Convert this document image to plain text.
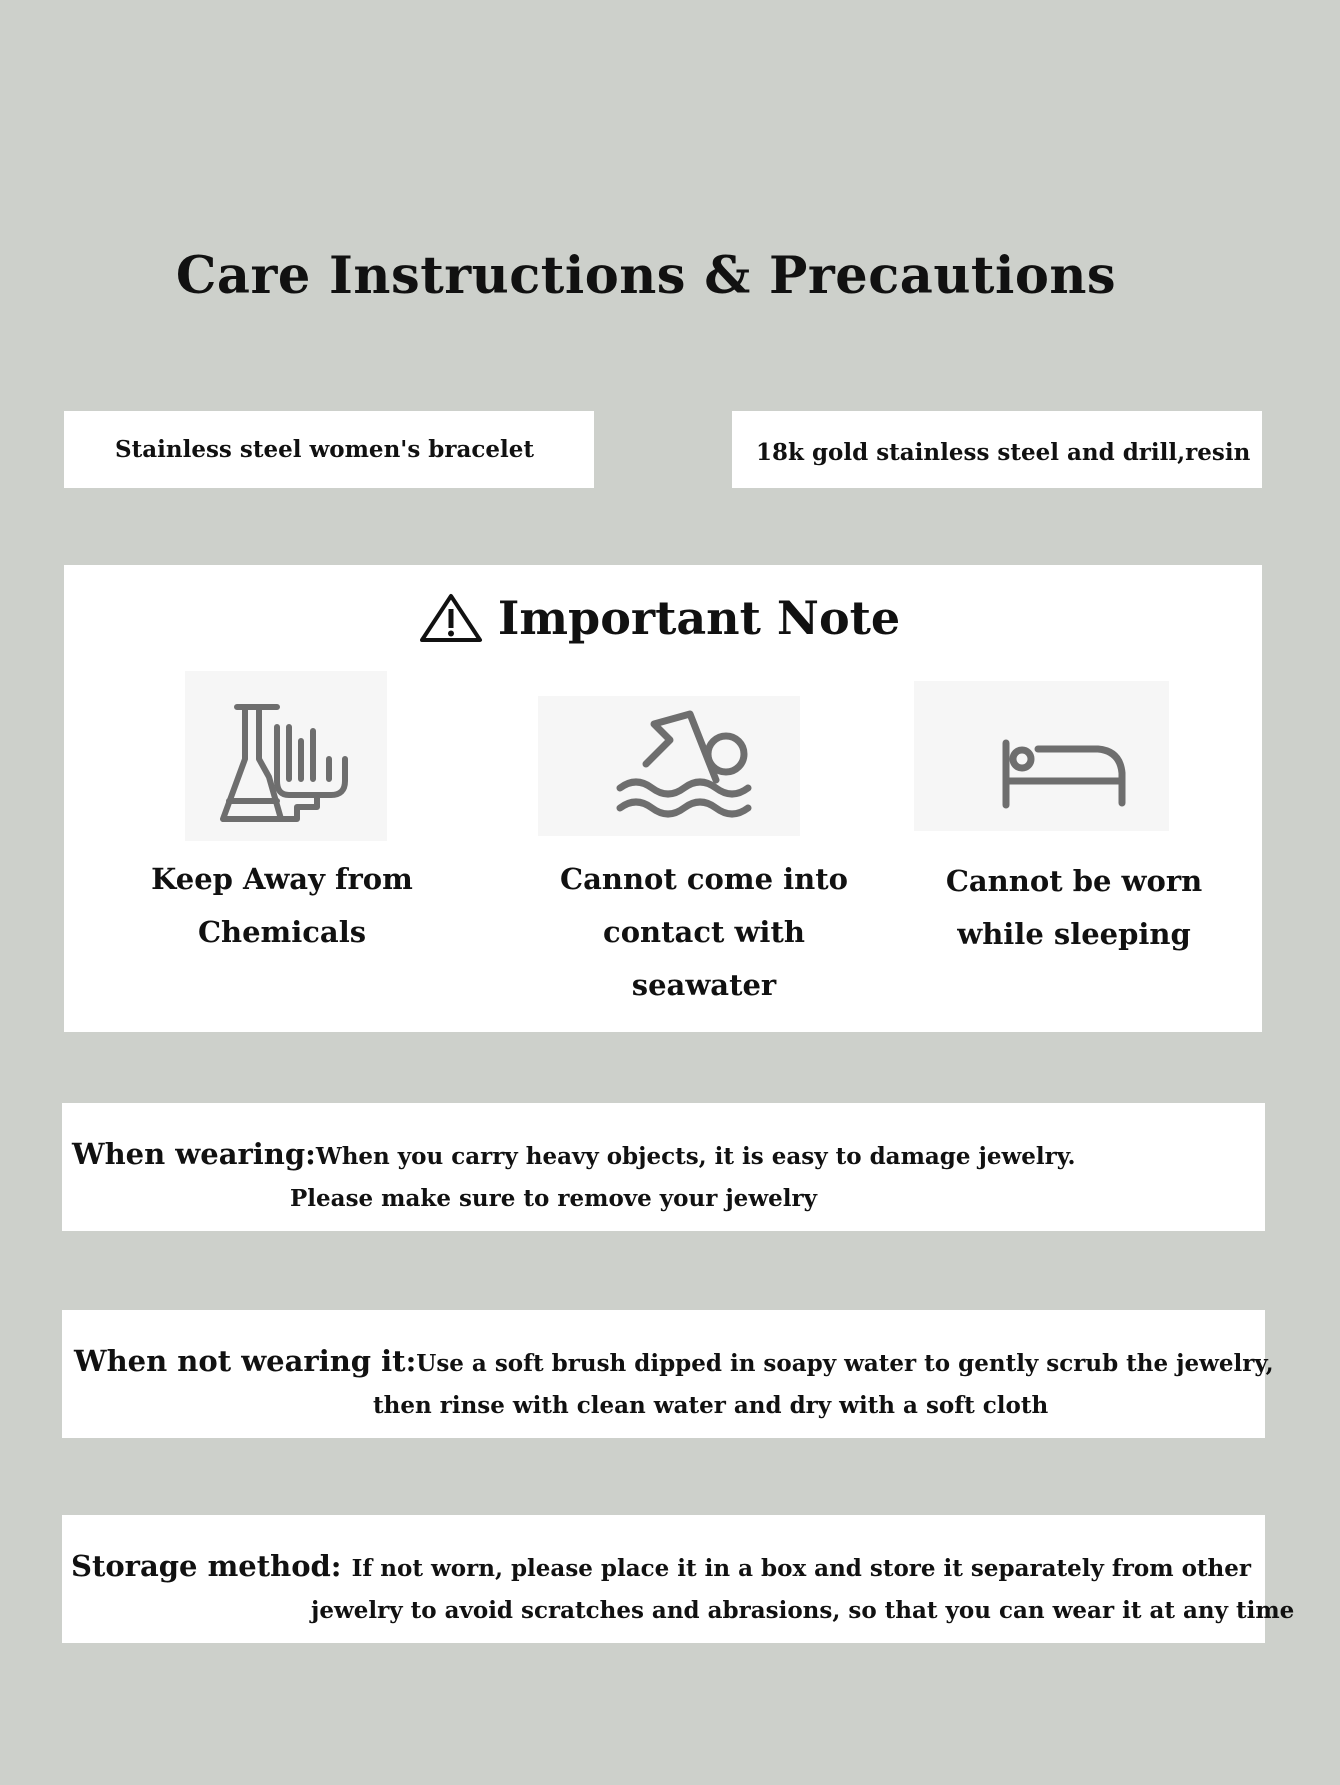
Care Instructions & Precautions
Stainless steel women's bracelet	18k gold stainless steel and drill,resin
Important Note
Keep Away from
Chemicals
Cannot come into
contact with seawater
Cannot be worn
while sleeping
When wearing:When you carry heavy objects, it is easy to damage jewelry.
Please make sure to remove your jewelry
When not wearing it:Use a soft brush dipped in soapy water to gently scrub the jewelry,
then rinse with clean water and dry with a soft cloth
Storage method: If not worn, please place it in a box and store it separately from other
jewelry to avoid scratches and abrasions, so that you can wear it at any time
